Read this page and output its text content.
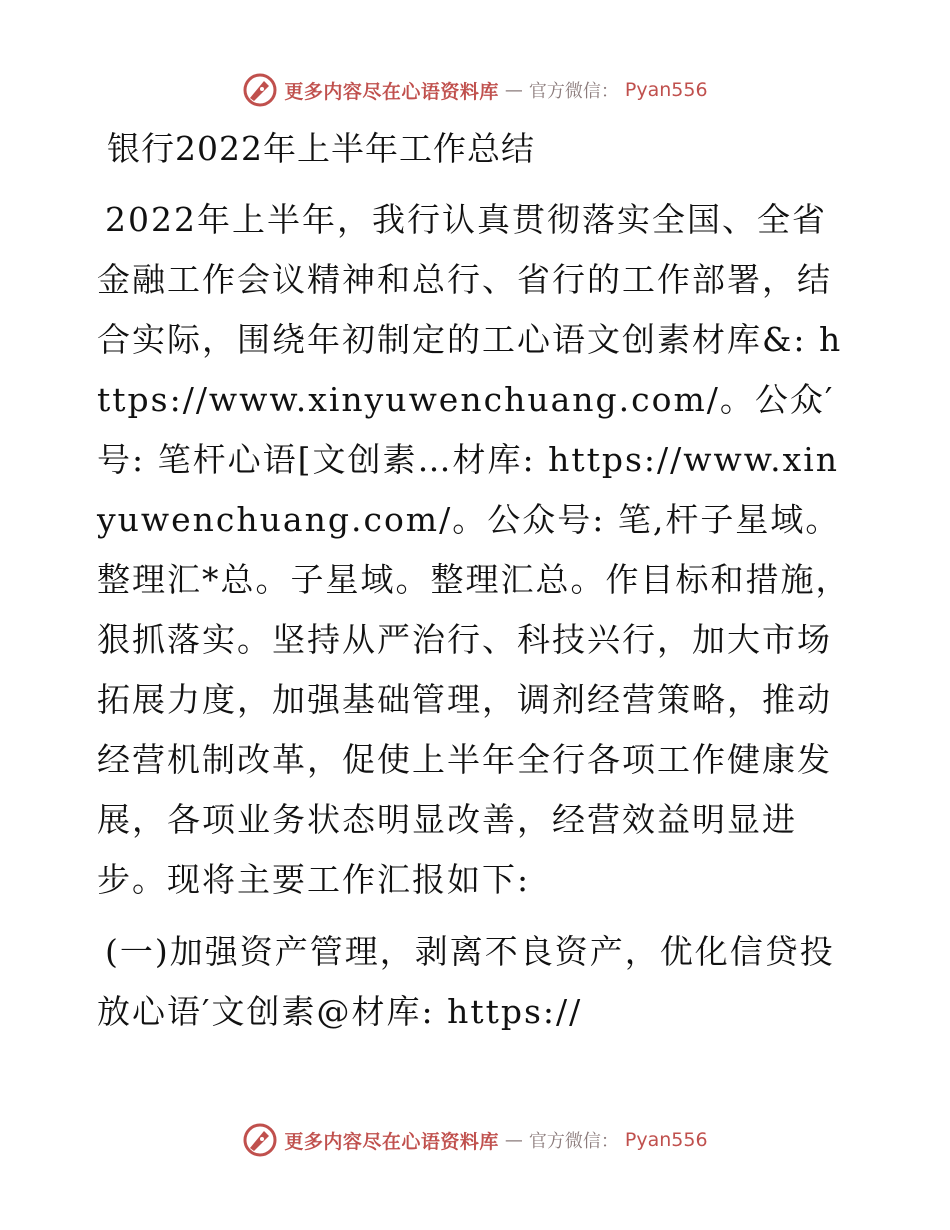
更多内容尽在心语资料库 — 官方微信： Pyan556
银行2022年上半年工作总结

2022年上半年，我行认真贯彻落实全国、全省金融工作会议精神和总行、省行的工作部署，结合实际，围绕年初制定的工心语文创素材库&: https://www.xinyuwenchuang.com/。公众′号: 笔杆心语[文创素…材库: https://www.xinyuwenchuang.com/。公众号: 笔,杆子星域。整理汇*总。子星域。整理汇总。作目标和措施，狠抓落实。坚持从严治行、科技兴行，加大市场拓展力度，加强基础管理，调剂经营策略，推动经营机制改革，促使上半年全行各项工作健康发展，各项业务状态明显改善，经营效益明显进步。现将主要工作汇报如下:

(一)加强资产管理，剥离不良资产，优化信贷投放心语′文创素@材库: https://

更多内容尽在心语资料库 — 官方微信： Pyan556
